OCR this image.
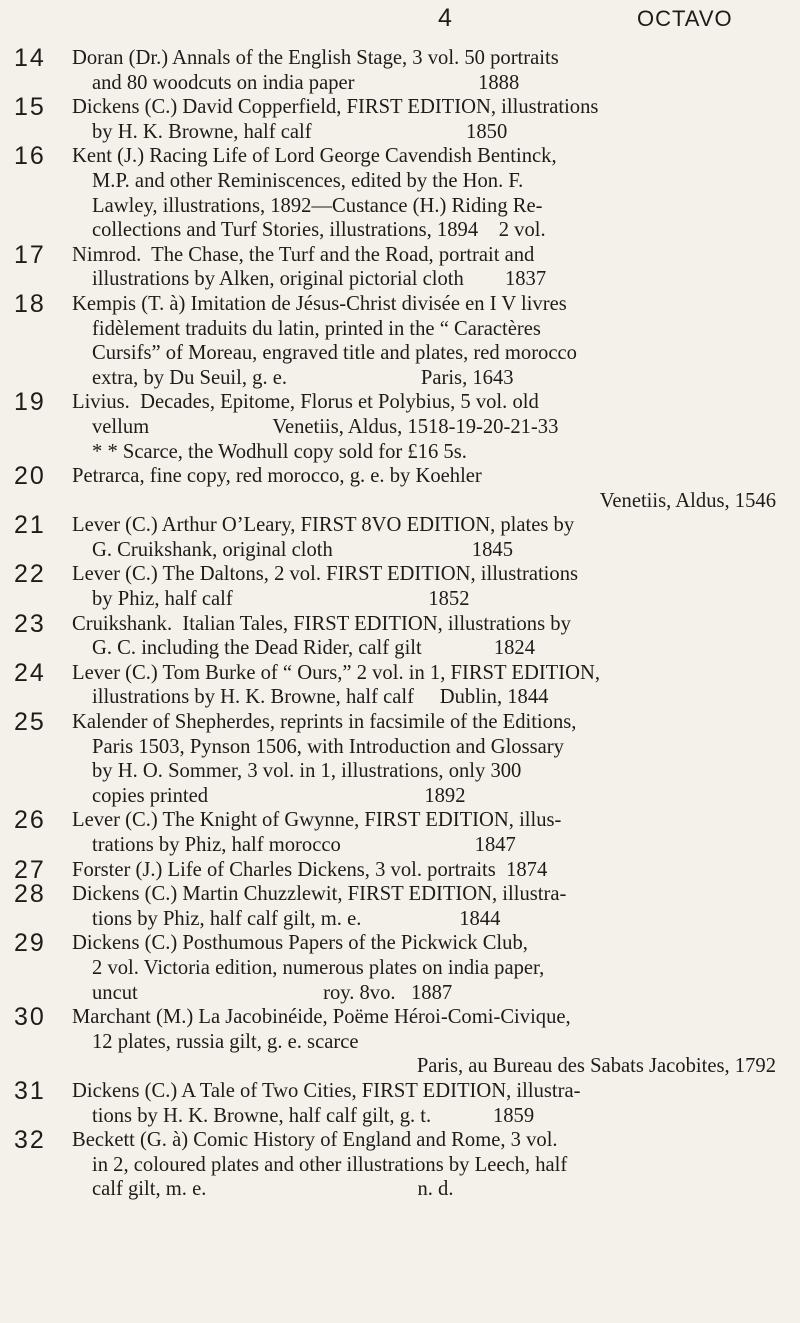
4	OCTAVO
14 Doran (Dr.) Annals of the English Stage, 3 vol. 50 portraits
and 80 woodcuts on india paper                        1888
15 Dickens (C.) David Copperfield, FIRST EDITION, illustrations
by H. K. Browne, half calf                              1850
16 Kent (J.) Racing Life of Lord George Cavendish Bentinck,
M.P. and other Reminiscences, edited by the Hon. F.
Lawley, illustrations, 1892—Custance (H.) Riding Re-
collections and Turf Stories, illustrations, 1894    2 vol.
17 Nimrod.  The Chase, the Turf and the Road, portrait and
illustrations by Alken, original pictorial cloth        1837
18 Kempis (T. à) Imitation de Jésus-Christ divisée en I V livres
fidèlement traduits du latin, printed in the “ Caractères
Cursifs” of Moreau, engraved title and plates, red morocco
extra, by Du Seuil, g. e.                          Paris, 1643
19 Livius.  Decades, Epitome, Florus et Polybius, 5 vol. old
vellum                        Venetiis, Aldus, 1518-19-20-21-33
* * Scarce, the Wodhull copy sold for £16 5s.
20 Petrarca, fine copy, red morocco, g. e. by Koehler
Venetiis, Aldus, 1546
21 Lever (C.) Arthur O’Leary, FIRST 8VO EDITION, plates by
G. Cruikshank, original cloth                           1845
22 Lever (C.) The Daltons, 2 vol. FIRST EDITION, illustrations
by Phiz, half calf                                      1852
23 Cruikshank.  Italian Tales, FIRST EDITION, illustrations by
G. C. including the Dead Rider, calf gilt              1824
24 Lever (C.) Tom Burke of “ Ours,” 2 vol. in 1, FIRST EDITION,
illustrations by H. K. Browne, half calf     Dublin, 1844
25 Kalender of Shepherdes, reprints in facsimile of the Editions,
Paris 1503, Pynson 1506, with Introduction and Glossary
by H. O. Sommer, 3 vol. in 1, illustrations, only 300
copies printed                                          1892
26 Lever (C.) The Knight of Gwynne, FIRST EDITION, illus-
trations by Phiz, half morocco                          1847
27 Forster (J.) Life of Charles Dickens, 3 vol. portraits  1874
28 Dickens (C.) Martin Chuzzlewit, FIRST EDITION, illustra-
tions by Phiz, half calf gilt, m. e.                   1844
29 Dickens (C.) Posthumous Papers of the Pickwick Club,
2 vol. Victoria edition, numerous plates on india paper,
uncut                                    roy. 8vo.   1887
30 Marchant (M.) La Jacobinéide, Poëme Héroi-Comi-Civique,
12 plates, russia gilt, g. e. scarce
Paris, au Bureau des Sabats Jacobites, 1792
31 Dickens (C.) A Tale of Two Cities, FIRST EDITION, illustra-
tions by H. K. Browne, half calf gilt, g. t.            1859
32 Beckett (G. à) Comic History of England and Rome, 3 vol.
in 2, coloured plates and other illustrations by Leech, half
calf gilt, m. e.                                         n. d.
